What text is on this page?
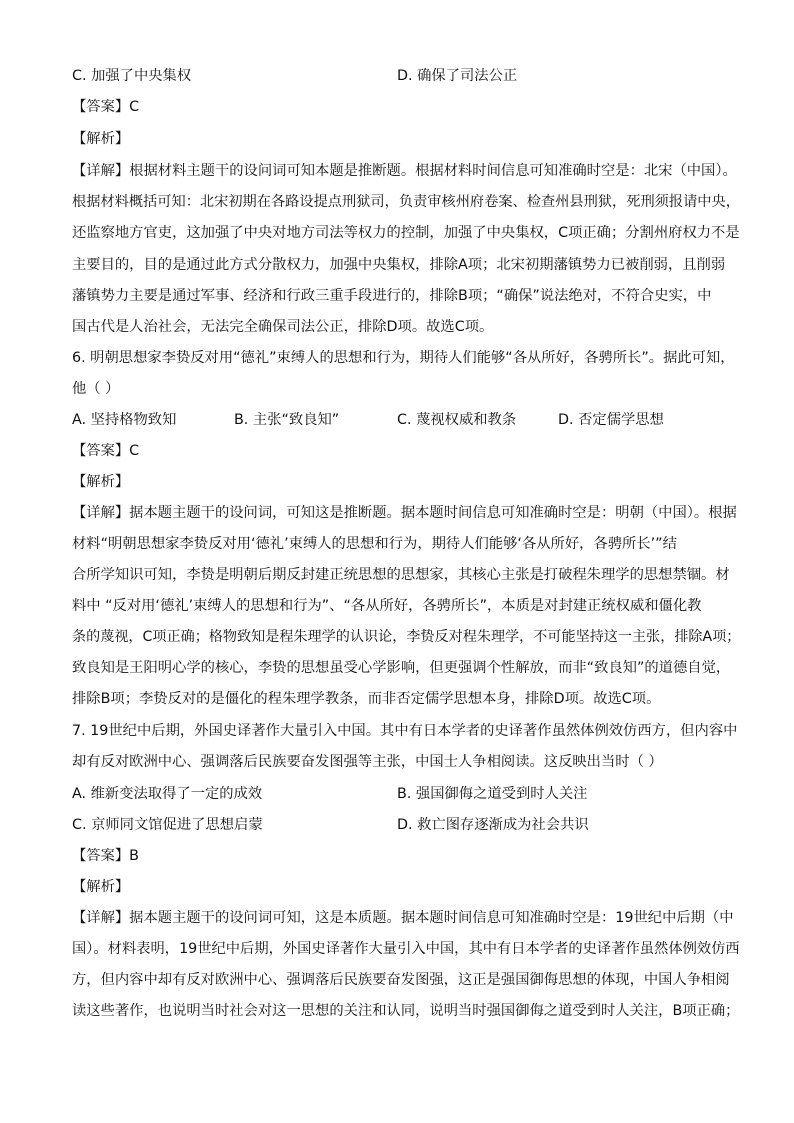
C. 加强了中央集权	D. 确保了司法公正
【答案】C
【解析】
【详解】根据材料主题干的设问词可知本题是推断题。根据材料时间信息可知准确时空是：北宋（中国）。
根据材料概括可知：北宋初期在各路设提点刑狱司，负责审核州府卷案、检查州县刑狱，死刑须报请中央，
还监察地方官吏，这加强了中央对地方司法等权力的控制，加强了中央集权，C项正确；分割州府权力不是
主要目的，目的是通过此方式分散权力，加强中央集权，排除A项；北宋初期藩镇势力已被削弱，且削弱
藩镇势力主要是通过军事、经济和行政三重手段进行的，排除B项；“确保”说法绝对，不符合史实，中
国古代是人治社会，无法完全确保司法公正，排除D项。故选C项。
6. 明朝思想家李贽反对用“德礼”束缚人的思想和行为，期待人们能够“各从所好，各骋所长”。据此可知，
他（ ）
A. 坚持格物致知	B. 主张“致良知”	C. 蔑视权威和教条	D. 否定儒学思想
【答案】C
【解析】
【详解】据本题主题干的设问词，可知这是推断题。据本题时间信息可知准确时空是：明朝（中国）。根据
材料“明朝思想家李贽反对用‘德礼’束缚人的思想和行为，期待人们能够‘各从所好，各骋所长’”结
合所学知识可知，李贽是明朝后期反封建正统思想的思想家，其核心主张是打破程朱理学的思想禁锢。材
料中 “反对用‘德礼’束缚人的思想和行为”、“各从所好，各骋所长”，本质是对封建正统权威和僵化教
条的蔑视，C项正确；格物致知是程朱理学的认识论，李贽反对程朱理学，不可能坚持这一主张，排除A项；
致良知是王阳明心学的核心，李贽的思想虽受心学影响，但更强调个性解放，而非“致良知”的道德自觉，
排除B项；李贽反对的是僵化的程朱理学教条，而非否定儒学思想本身，排除D项。故选C项。
7. 19世纪中后期，外国史译著作大量引入中国。其中有日本学者的史译著作虽然体例效仿西方，但内容中
却有反对欧洲中心、强调落后民族要奋发图强等主张，中国士人争相阅读。这反映出当时（ ）
A. 维新变法取得了一定的成效	B. 强国御侮之道受到时人关注
C. 京师同文馆促进了思想启蒙	D. 救亡图存逐渐成为社会共识
【答案】B
【解析】
【详解】据本题主题干的设问词可知，这是本质题。据本题时间信息可知准确时空是：19世纪中后期（中
国）。材料表明，19世纪中后期，外国史译著作大量引入中国，其中有日本学者的史译著作虽然体例效仿西
方，但内容中却有反对欧洲中心、强调落后民族要奋发图强，这正是强国御侮思想的体现，中国人争相阅
读这些著作，也说明当时社会对这一思想的关注和认同，说明当时强国御侮之道受到时人关注，B项正确；
